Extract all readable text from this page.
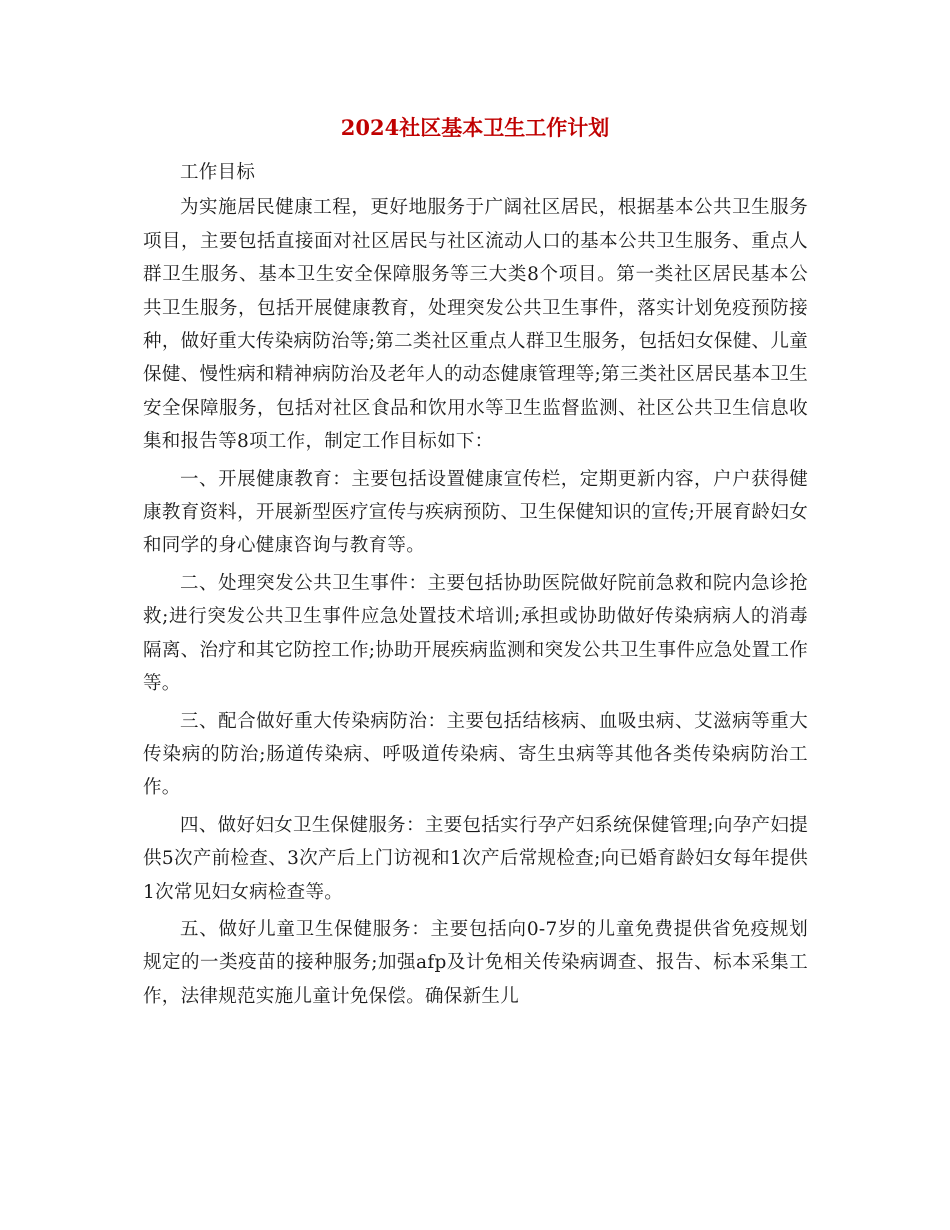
2024社区基本卫生工作计划

工作目标

为实施居民健康工程，更好地服务于广阔社区居民，根据基本公共卫生服务项目，主要包括直接面对社区居民与社区流动人口的基本公共卫生服务、重点人群卫生服务、基本卫生安全保障服务等三大类8个项目。第一类社区居民基本公共卫生服务，包括开展健康教育，处理突发公共卫生事件，落实计划免疫预防接种，做好重大传染病防治等;第二类社区重点人群卫生服务，包括妇女保健、儿童保健、慢性病和精神病防治及老年人的动态健康管理等;第三类社区居民基本卫生安全保障服务，包括对社区食品和饮用水等卫生监督监测、社区公共卫生信息收集和报告等8项工作，制定工作目标如下：

一、开展健康教育：主要包括设置健康宣传栏，定期更新内容，户户获得健康教育资料，开展新型医疗宣传与疾病预防、卫生保健知识的宣传;开展育龄妇女和同学的身心健康咨询与教育等。

二、处理突发公共卫生事件：主要包括协助医院做好院前急救和院内急诊抢救;进行突发公共卫生事件应急处置技术培训;承担或协助做好传染病病人的消毒隔离、治疗和其它防控工作;协助开展疾病监测和突发公共卫生事件应急处置工作等。

三、配合做好重大传染病防治：主要包括结核病、血吸虫病、艾滋病等重大传染病的防治;肠道传染病、呼吸道传染病、寄生虫病等其他各类传染病防治工作。

四、做好妇女卫生保健服务：主要包括实行孕产妇系统保健管理;向孕产妇提供5次产前检查、3次产后上门访视和1次产后常规检查;向已婚育龄妇女每年提供1次常见妇女病检查等。

五、做好儿童卫生保健服务：主要包括向0-7岁的儿童免费提供省免疫规划规定的一类疫苗的接种服务;加强afp及计免相关传染病调查、报告、标本采集工作，法律规范实施儿童计免保偿。确保新生儿
